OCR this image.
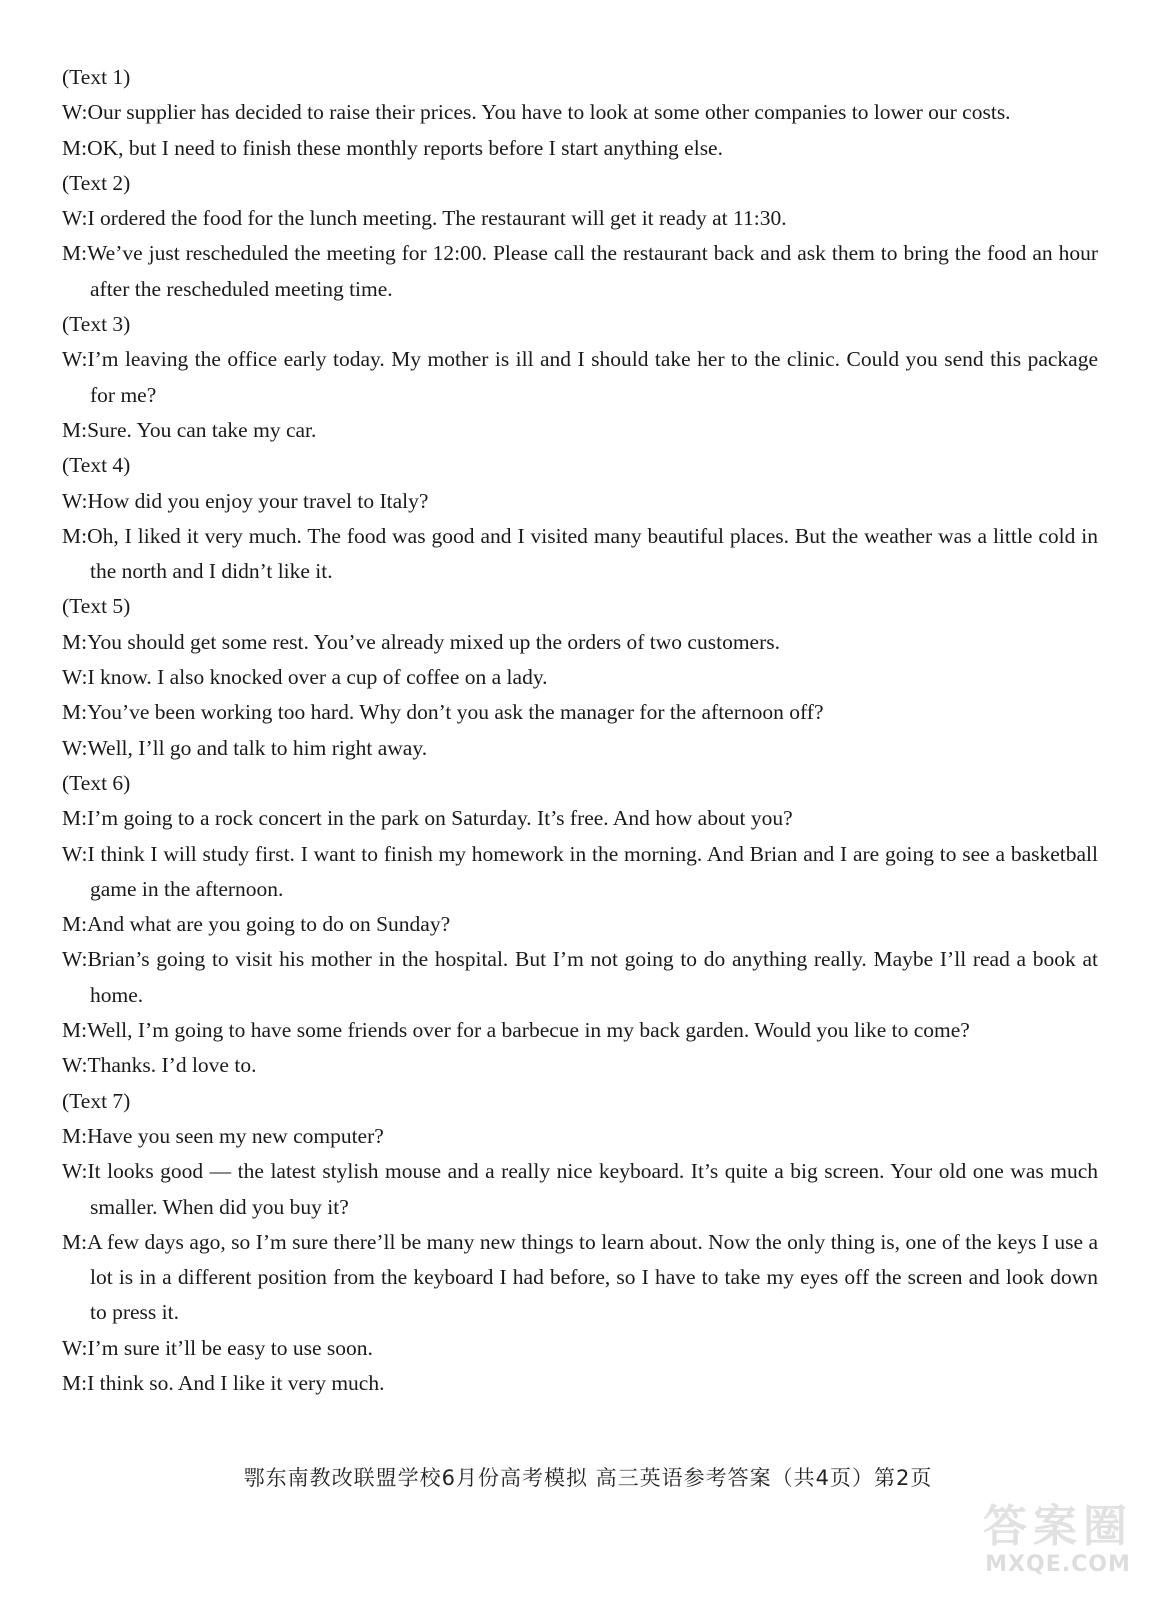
(Text 1)
W:Our supplier has decided to raise their prices. You have to look at some other companies to lower our costs.
M:OK, but I need to finish these monthly reports before I start anything else.
(Text 2)
W:I ordered the food for the lunch meeting. The restaurant will get it ready at 11:30.
M:We’ve just rescheduled the meeting for 12:00. Please call the restaurant back and ask them to bring the food an hour after the rescheduled meeting time.
(Text 3)
W:I’m leaving the office early today. My mother is ill and I should take her to the clinic. Could you send this package for me?
M:Sure. You can take my car.
(Text 4)
W:How did you enjoy your travel to Italy?
M:Oh, I liked it very much. The food was good and I visited many beautiful places. But the weather was a little cold in the north and I didn’t like it.
(Text 5)
M:You should get some rest. You’ve already mixed up the orders of two customers.
W:I know. I also knocked over a cup of coffee on a lady.
M:You’ve been working too hard. Why don’t you ask the manager for the afternoon off?
W:Well, I’ll go and talk to him right away.
(Text 6)
M:I’m going to a rock concert in the park on Saturday. It’s free. And how about you?
W:I think I will study first. I want to finish my homework in the morning. And Brian and I are going to see a basketball game in the afternoon.
M:And what are you going to do on Sunday?
W:Brian’s going to visit his mother in the hospital. But I’m not going to do anything really. Maybe I’ll read a book at home.
M:Well, I’m going to have some friends over for a barbecue in my back garden. Would you like to come?
W:Thanks. I’d love to.
(Text 7)
M:Have you seen my new computer?
W:It looks good — the latest stylish mouse and a really nice keyboard. It’s quite a big screen. Your old one was much smaller. When did you buy it?
M:A few days ago, so I’m sure there’ll be many new things to learn about. Now the only thing is, one of the keys I use a lot is in a different position from the keyboard I had before, so I have to take my eyes off the screen and look down to press it.
W:I’m sure it’ll be easy to use soon.
M:I think so. And I like it very much.
鄂东南教改联盟学校6月份高考模拟 高三英语参考答案（共4页）第2页
答案圈
MXQE.COM
